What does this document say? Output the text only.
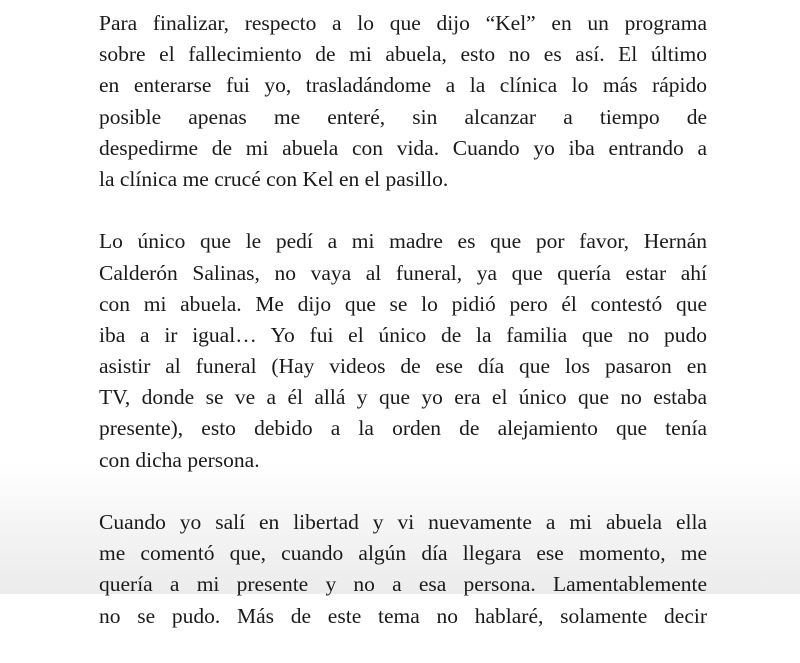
Para finalizar, respecto a lo que dijo “Kel” en un programa
sobre el fallecimiento de mi abuela, esto no es así. El último
en enterarse fui yo, trasladándome a la clínica lo más rápido
posible apenas me enteré, sin alcanzar a tiempo de
despedirme de mi abuela con vida. Cuando yo iba entrando a
la clínica me crucé con Kel en el pasillo.
Lo único que le pedí a mi madre es que por favor, Hernán
Calderón Salinas, no vaya al funeral, ya que quería estar ahí
con mi abuela. Me dijo que se lo pidió pero él contestó que
iba a ir igual… Yo fui el único de la familia que no pudo
asistir al funeral (Hay videos de ese día que los pasaron en
TV, donde se ve a él allá y que yo era el único que no estaba
presente), esto debido a la orden de alejamiento que tenía
con dicha persona.
Cuando yo salí en libertad y vi nuevamente a mi abuela ella
me comentó que, cuando algún día llegara ese momento, me
quería a mi presente y no a esa persona. Lamentablemente
no se pudo. Más de este tema no hablaré, solamente decir
